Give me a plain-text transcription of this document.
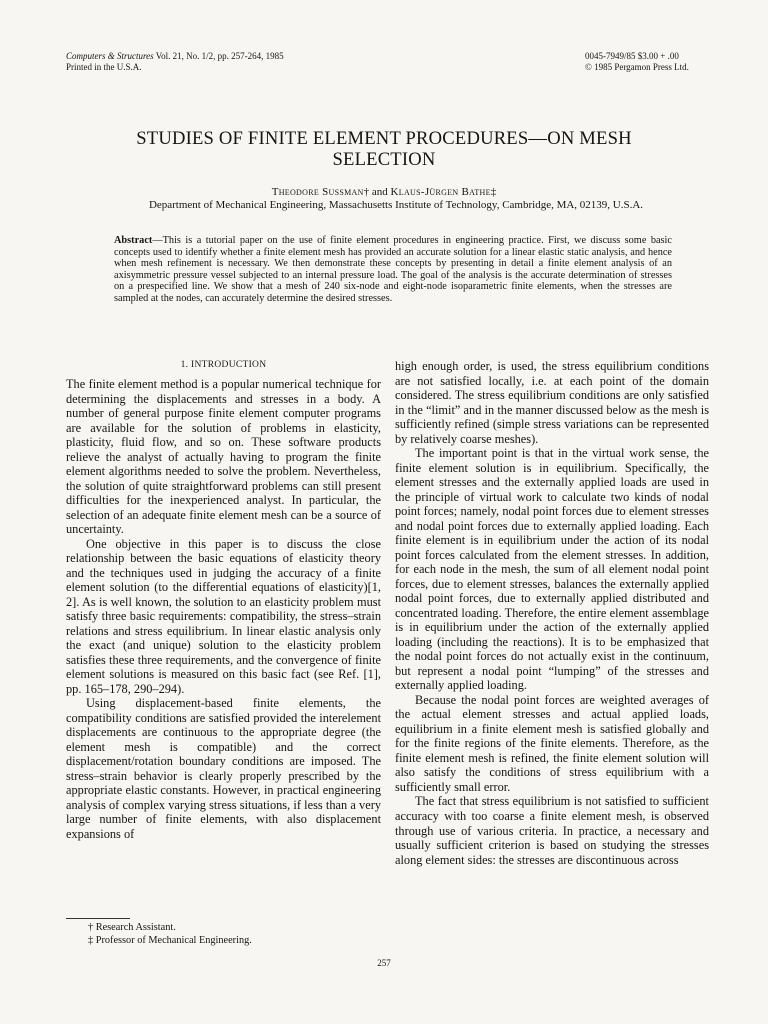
Computers & Structures Vol. 21, No. 1/2, pp. 257-264, 1985
Printed in the U.S.A.
0045-7949/85 $3.00 + .00
© 1985 Pergamon Press Ltd.
STUDIES OF FINITE ELEMENT PROCEDURES—ON MESH
SELECTION
Theodore Sussman† and Klaus-Jürgen Bathe‡
Department of Mechanical Engineering, Massachusetts Institute of Technology, Cambridge, MA, 02139, U.S.A.
Abstract—This is a tutorial paper on the use of finite element procedures in engineering practice. First, we discuss some basic concepts used to identify whether a finite element mesh has provided an accurate solution for a linear elastic static analysis, and hence when mesh refinement is necessary. We then demonstrate these concepts by presenting in detail a finite element analysis of an axisymmetric pressure vessel subjected to an internal pressure load. The goal of the analysis is the accurate determination of stresses on a prespecified line. We show that a mesh of 240 six-node and eight-node isoparametric finite elements, when the stresses are sampled at the nodes, can accurately determine the desired stresses.
1. INTRODUCTION

The finite element method is a popular numerical technique for determining the displacements and stresses in a body. A number of general purpose finite element computer programs are available for the solution of problems in elasticity, plasticity, fluid flow, and so on. These software products relieve the analyst of actually having to program the finite element algorithms needed to solve the problem. Nevertheless, the solution of quite straightforward problems can still present difficulties for the inexperienced analyst. In particular, the selection of an adequate finite element mesh can be a source of uncertainty.

One objective in this paper is to discuss the close relationship between the basic equations of elasticity theory and the techniques used in judging the accuracy of a finite element solution (to the differential equations of elasticity)[1, 2]. As is well known, the solution to an elasticity problem must satisfy three basic requirements: compatibility, the stress–strain relations and stress equilibrium. In linear elastic analysis only the exact (and unique) solution to the elasticity problem satisfies these three requirements, and the convergence of finite element solutions is measured on this basic fact (see Ref. [1], pp. 165–178, 290–294).

Using displacement-based finite elements, the compatibility conditions are satisfied provided the interelement displacements are continuous to the appropriate degree (the element mesh is compatible) and the correct displacement/rotation boundary conditions are imposed. The stress–strain behavior is clearly properly prescribed by the appropriate elastic constants. However, in practical engineering analysis of complex varying stress situations, if less than a very large number of finite elements, with also displacement expansions of

high enough order, is used, the stress equilibrium conditions are not satisfied locally, i.e. at each point of the domain considered. The stress equilibrium conditions are only satisfied in the “limit” and in the manner discussed below as the mesh is sufficiently refined (simple stress variations can be represented by relatively coarse meshes).

The important point is that in the virtual work sense, the finite element solution is in equilibrium. Specifically, the element stresses and the externally applied loads are used in the principle of virtual work to calculate two kinds of nodal point forces; namely, nodal point forces due to element stresses and nodal point forces due to externally applied loading. Each finite element is in equilibrium under the action of its nodal point forces calculated from the element stresses. In addition, for each node in the mesh, the sum of all element nodal point forces, due to element stresses, balances the externally applied nodal point forces, due to externally applied distributed and concentrated loading. Therefore, the entire element assemblage is in equilibrium under the action of the externally applied loading (including the reactions). It is to be emphasized that the nodal point forces do not actually exist in the continuum, but represent a nodal point “lumping” of the stresses and externally applied loading.

Because the nodal point forces are weighted averages of the actual element stresses and actual applied loads, equilibrium in a finite element mesh is satisfied globally and for the finite regions of the finite elements. Therefore, as the finite element mesh is refined, the finite element solution will also satisfy the conditions of stress equilibrium with a sufficiently small error.

The fact that stress equilibrium is not satisfied to sufficient accuracy with too coarse a finite element mesh, is observed through use of various criteria. In practice, a necessary and usually sufficient criterion is based on studying the stresses along element sides: the stresses are discontinuous across

† Research Assistant.
‡ Professor of Mechanical Engineering.
257
